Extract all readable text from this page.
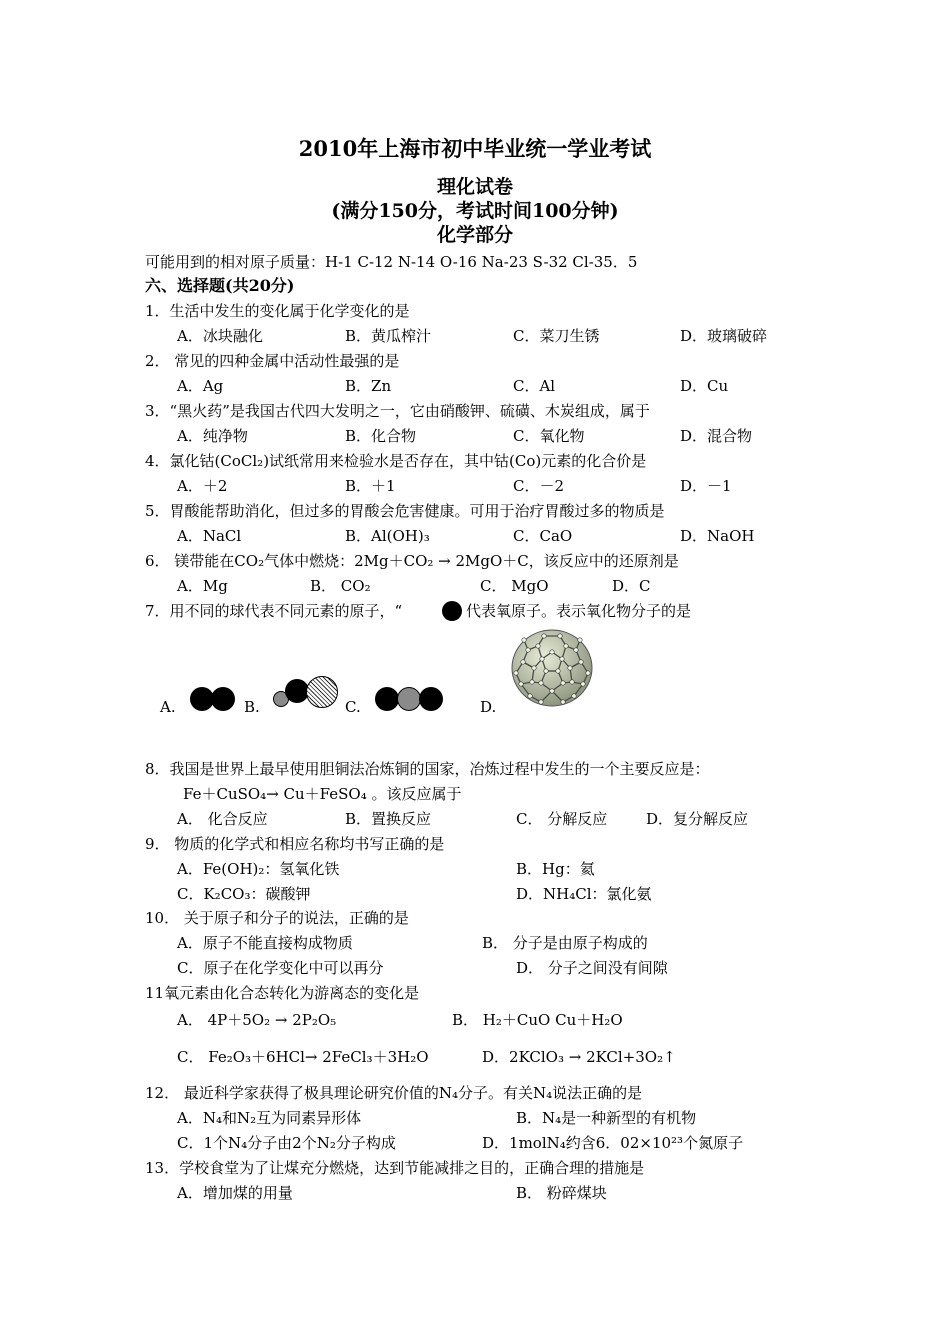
2010年上海市初中毕业统一学业考试
理化试卷
(满分150分，考试时间100分钟)
化学部分
可能用到的相对原子质量：H-1 C-12 N-14 O-16 Na-23 S-32 Cl-35．5
六、选择题(共20分)
1．生活中发生的变化属于化学变化的是
A．冰块融化	B．黄瓜榨汁	C．菜刀生锈	D．玻璃破碎
2． 常见的四种金属中活动性最强的是
A．Ag	B．Zn	C．Al	D．Cu
3．“黑火药”是我国古代四大发明之一，它由硝酸钾、硫磺、木炭组成，属于
A．纯净物	B．化合物	C．氧化物	D．混合物
4．氯化钴(CoCl₂)试纸常用来检验水是否存在，其中钴(Co)元素的化合价是
A．＋2	B．＋1	C．－2	D．－1
5．胃酸能帮助消化，但过多的胃酸会危害健康。可用于治疗胃酸过多的物质是
A．NaCl	B．Al(OH)₃	C．CaO	D．NaOH
6． 镁带能在CO₂气体中燃烧：2Mg＋CO₂ → 2MgO＋C，该反应中的还原剂是
A．Mg	B． CO₂	C． MgO	D．C
7．用不同的球代表不同元素的原子，“	代表氧原子。表示氧化物分子的是
A.	B.	C.	D.
8．我国是世界上最早使用胆铜法冶炼铜的国家，冶炼过程中发生的一个主要反应是：
Fe＋CuSO₄→ Cu＋FeSO₄ 。该反应属于
A． 化合反应	B．置换反应	C． 分解反应	D．复分解反应
9． 物质的化学式和相应名称均书写正确的是
A．Fe(OH)₂：氢氧化铁	B．Hg：氦
C．K₂CO₃：碳酸钾	D．NH₄Cl：氯化氨
10． 关于原子和分子的说法，正确的是
A．原子不能直接构成物质	B． 分子是由原子构成的
C．原子在化学变化中可以再分	D． 分子之间没有间隙
11氧元素由化合态转化为游离态的变化是
A． 4P＋5O₂ → 2P₂O₅	B． H₂＋CuO Cu＋H₂O
C． Fe₂O₃＋6HCl→ 2FeCl₃＋3H₂O	D．2KClO₃ → 2KCl+3O₂↑
12． 最近科学家获得了极具理论研究价值的N₄分子。有关N₄说法正确的是
A．N₄和N₂互为同素异形体	B．N₄是一种新型的有机物
C．1个N₄分子由2个N₂分子构成	D．1molN₄约含6．02×10²³个氮原子
13．学校食堂为了让煤充分燃烧，达到节能减排之目的，正确合理的措施是
A．增加煤的用量	B． 粉碎煤块
